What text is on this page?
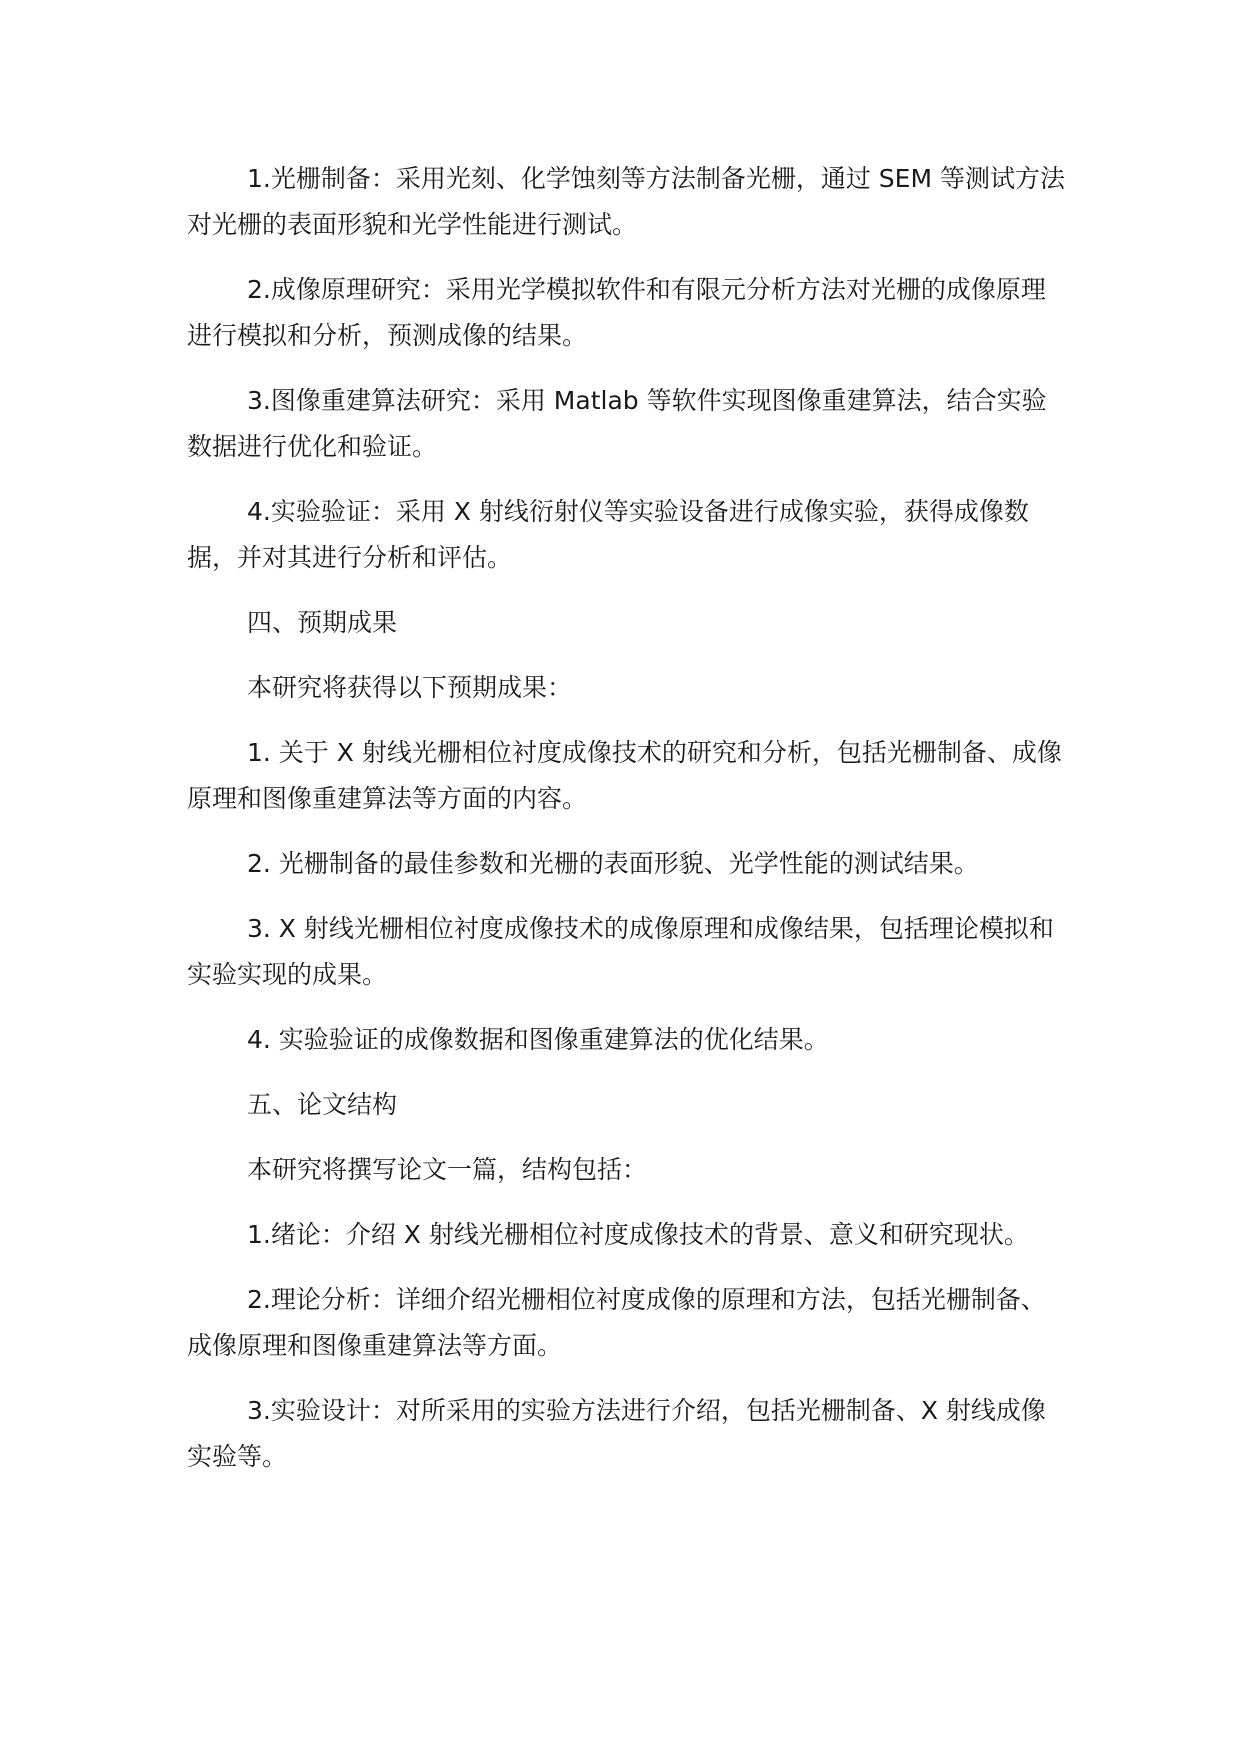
1.光栅制备：采用光刻、化学蚀刻等方法制备光栅，通过 SEM 等测试方法对光栅的表面形貌和光学性能进行测试。

2.成像原理研究：采用光学模拟软件和有限元分析方法对光栅的成像原理进行模拟和分析，预测成像的结果。

3.图像重建算法研究：采用 Matlab 等软件实现图像重建算法，结合实验数据进行优化和验证。

4.实验验证：采用 X 射线衍射仪等实验设备进行成像实验，获得成像数据，并对其进行分析和评估。

四、预期成果

本研究将获得以下预期成果：

1. 关于 X 射线光栅相位衬度成像技术的研究和分析，包括光栅制备、成像原理和图像重建算法等方面的内容。

2. 光栅制备的最佳参数和光栅的表面形貌、光学性能的测试结果。

3. X 射线光栅相位衬度成像技术的成像原理和成像结果，包括理论模拟和实验实现的成果。

4. 实验验证的成像数据和图像重建算法的优化结果。

五、论文结构

本研究将撰写论文一篇，结构包括：

1.绪论：介绍 X 射线光栅相位衬度成像技术的背景、意义和研究现状。

2.理论分析：详细介绍光栅相位衬度成像的原理和方法，包括光栅制备、成像原理和图像重建算法等方面。

3.实验设计：对所采用的实验方法进行介绍，包括光栅制备、X 射线成像实验等。
